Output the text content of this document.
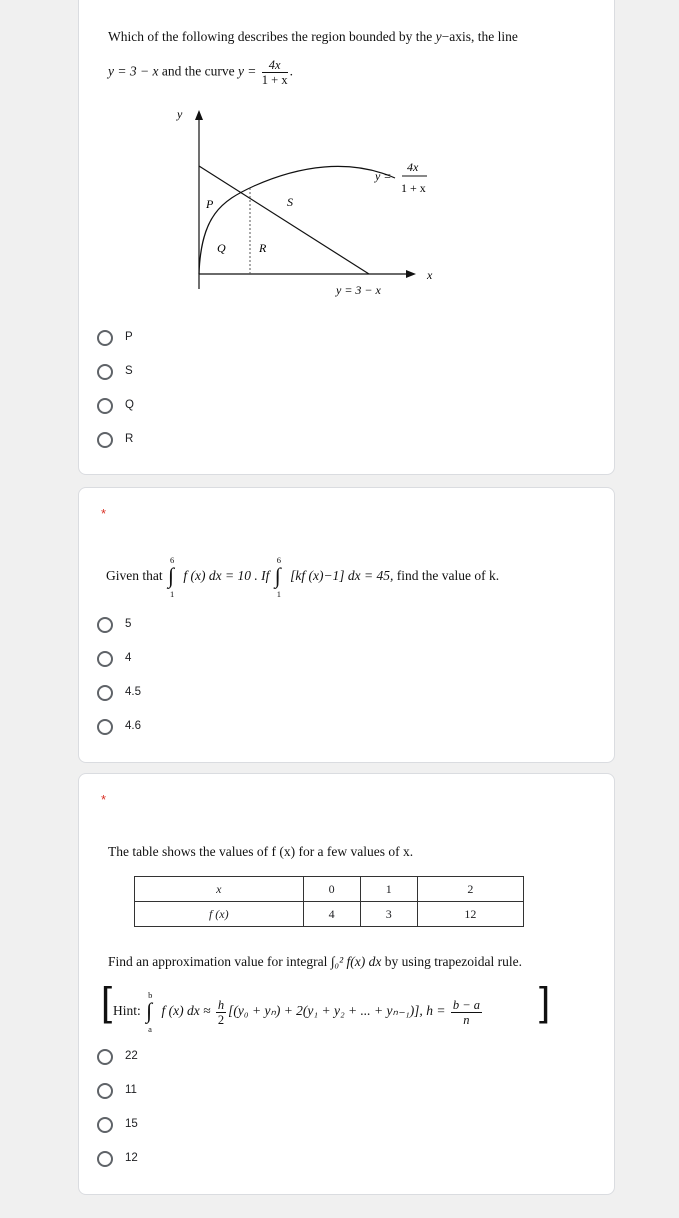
Which of the following describes the region bounded by the y−axis, the line
y = 3 − x and the curve $y = \frac{4x}{1 + x}$ .
y
x
P	S
Q	R
y =
4x
1 + x
y = 3 − x
P
S
Q
R
*
Given that
6
∫
1
f (x) dx = 10 . If
6
∫
1
[kf (x)−1] dx = 45, find the value of k.
5
4
4.5
4.6
*
The table shows the values of f (x) for a few values of x.
x	0	1	2
f (x)	4	3	12
Find an approximation value for integral ∫₀² f(x) dx by using trapezoidal rule.
[ Hint:
b
∫
a
f (x) dx ≈ $\frac{h}{2} [(y_0 + y_n) + 2(y_1 + y_2$ + ... + yₙ₋₁)], $h = \frac{b - a}{n}$ ]
22
11
15
12
